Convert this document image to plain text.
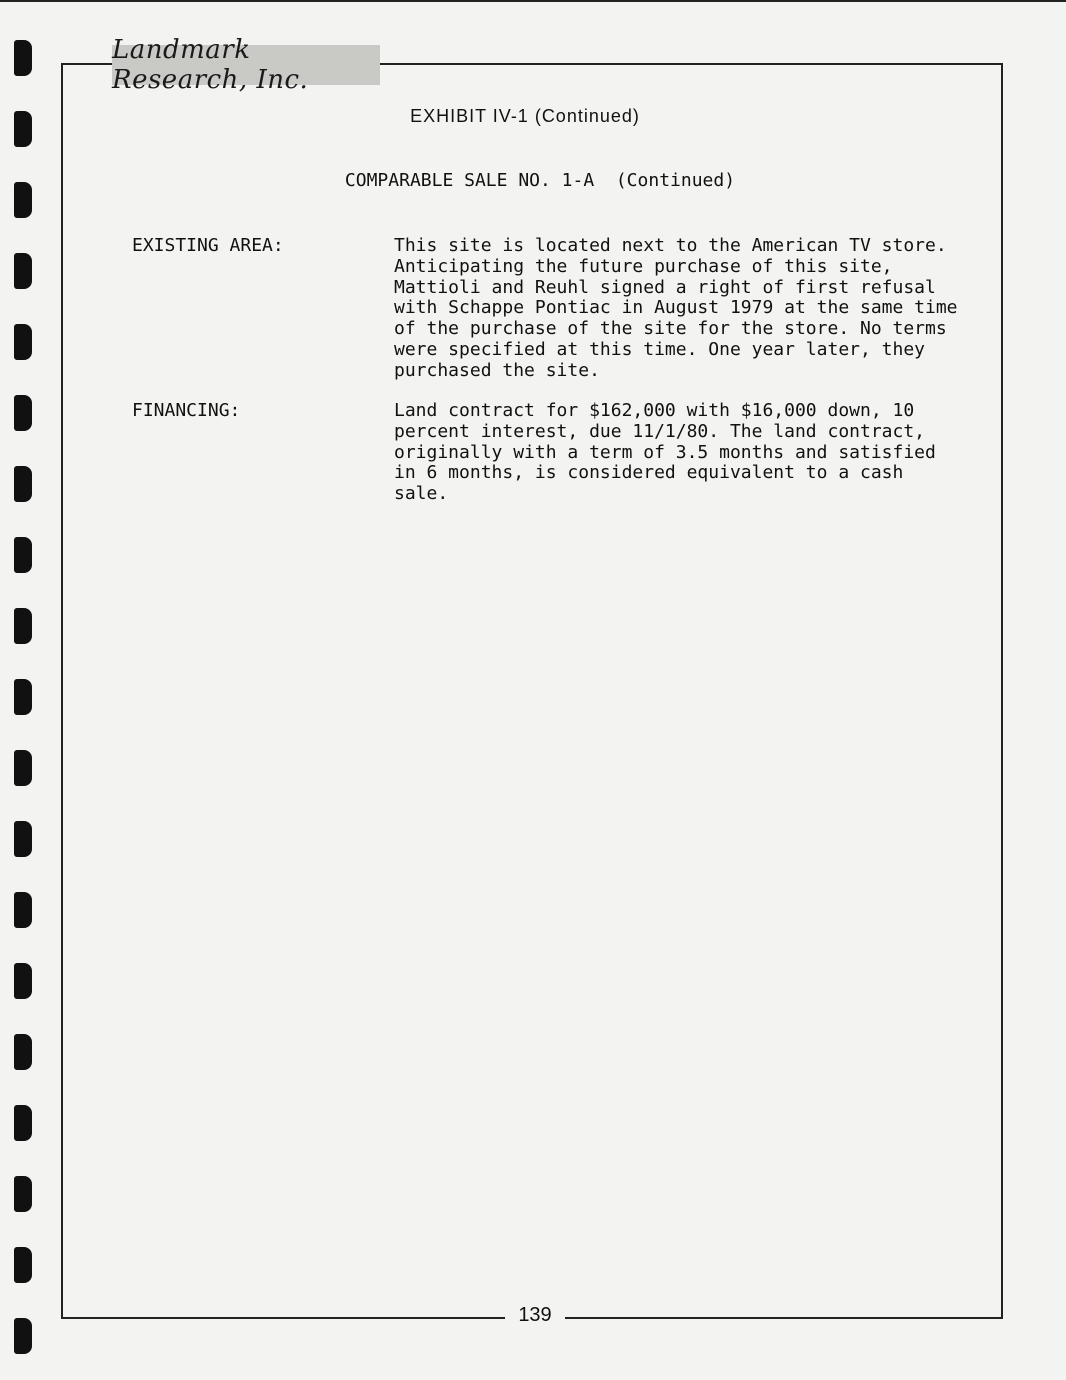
Landmark Research, Inc.
EXHIBIT IV-1 (Continued)
COMPARABLE SALE NO. 1-A  (Continued)
EXISTING AREA:	This site is located next to the American TV store.
Anticipating the future purchase of this site,
Mattioli and Reuhl signed a right of first refusal
with Schappe Pontiac in August 1979 at the same time
of the purchase of the site for the store. No terms
were specified at this time. One year later, they
purchased the site.
FINANCING:	Land contract for $162,000 with $16,000 down, 10
percent interest, due 11/1/80. The land contract,
originally with a term of 3.5 months and satisfied
in 6 months, is considered equivalent to a cash sale.
139
